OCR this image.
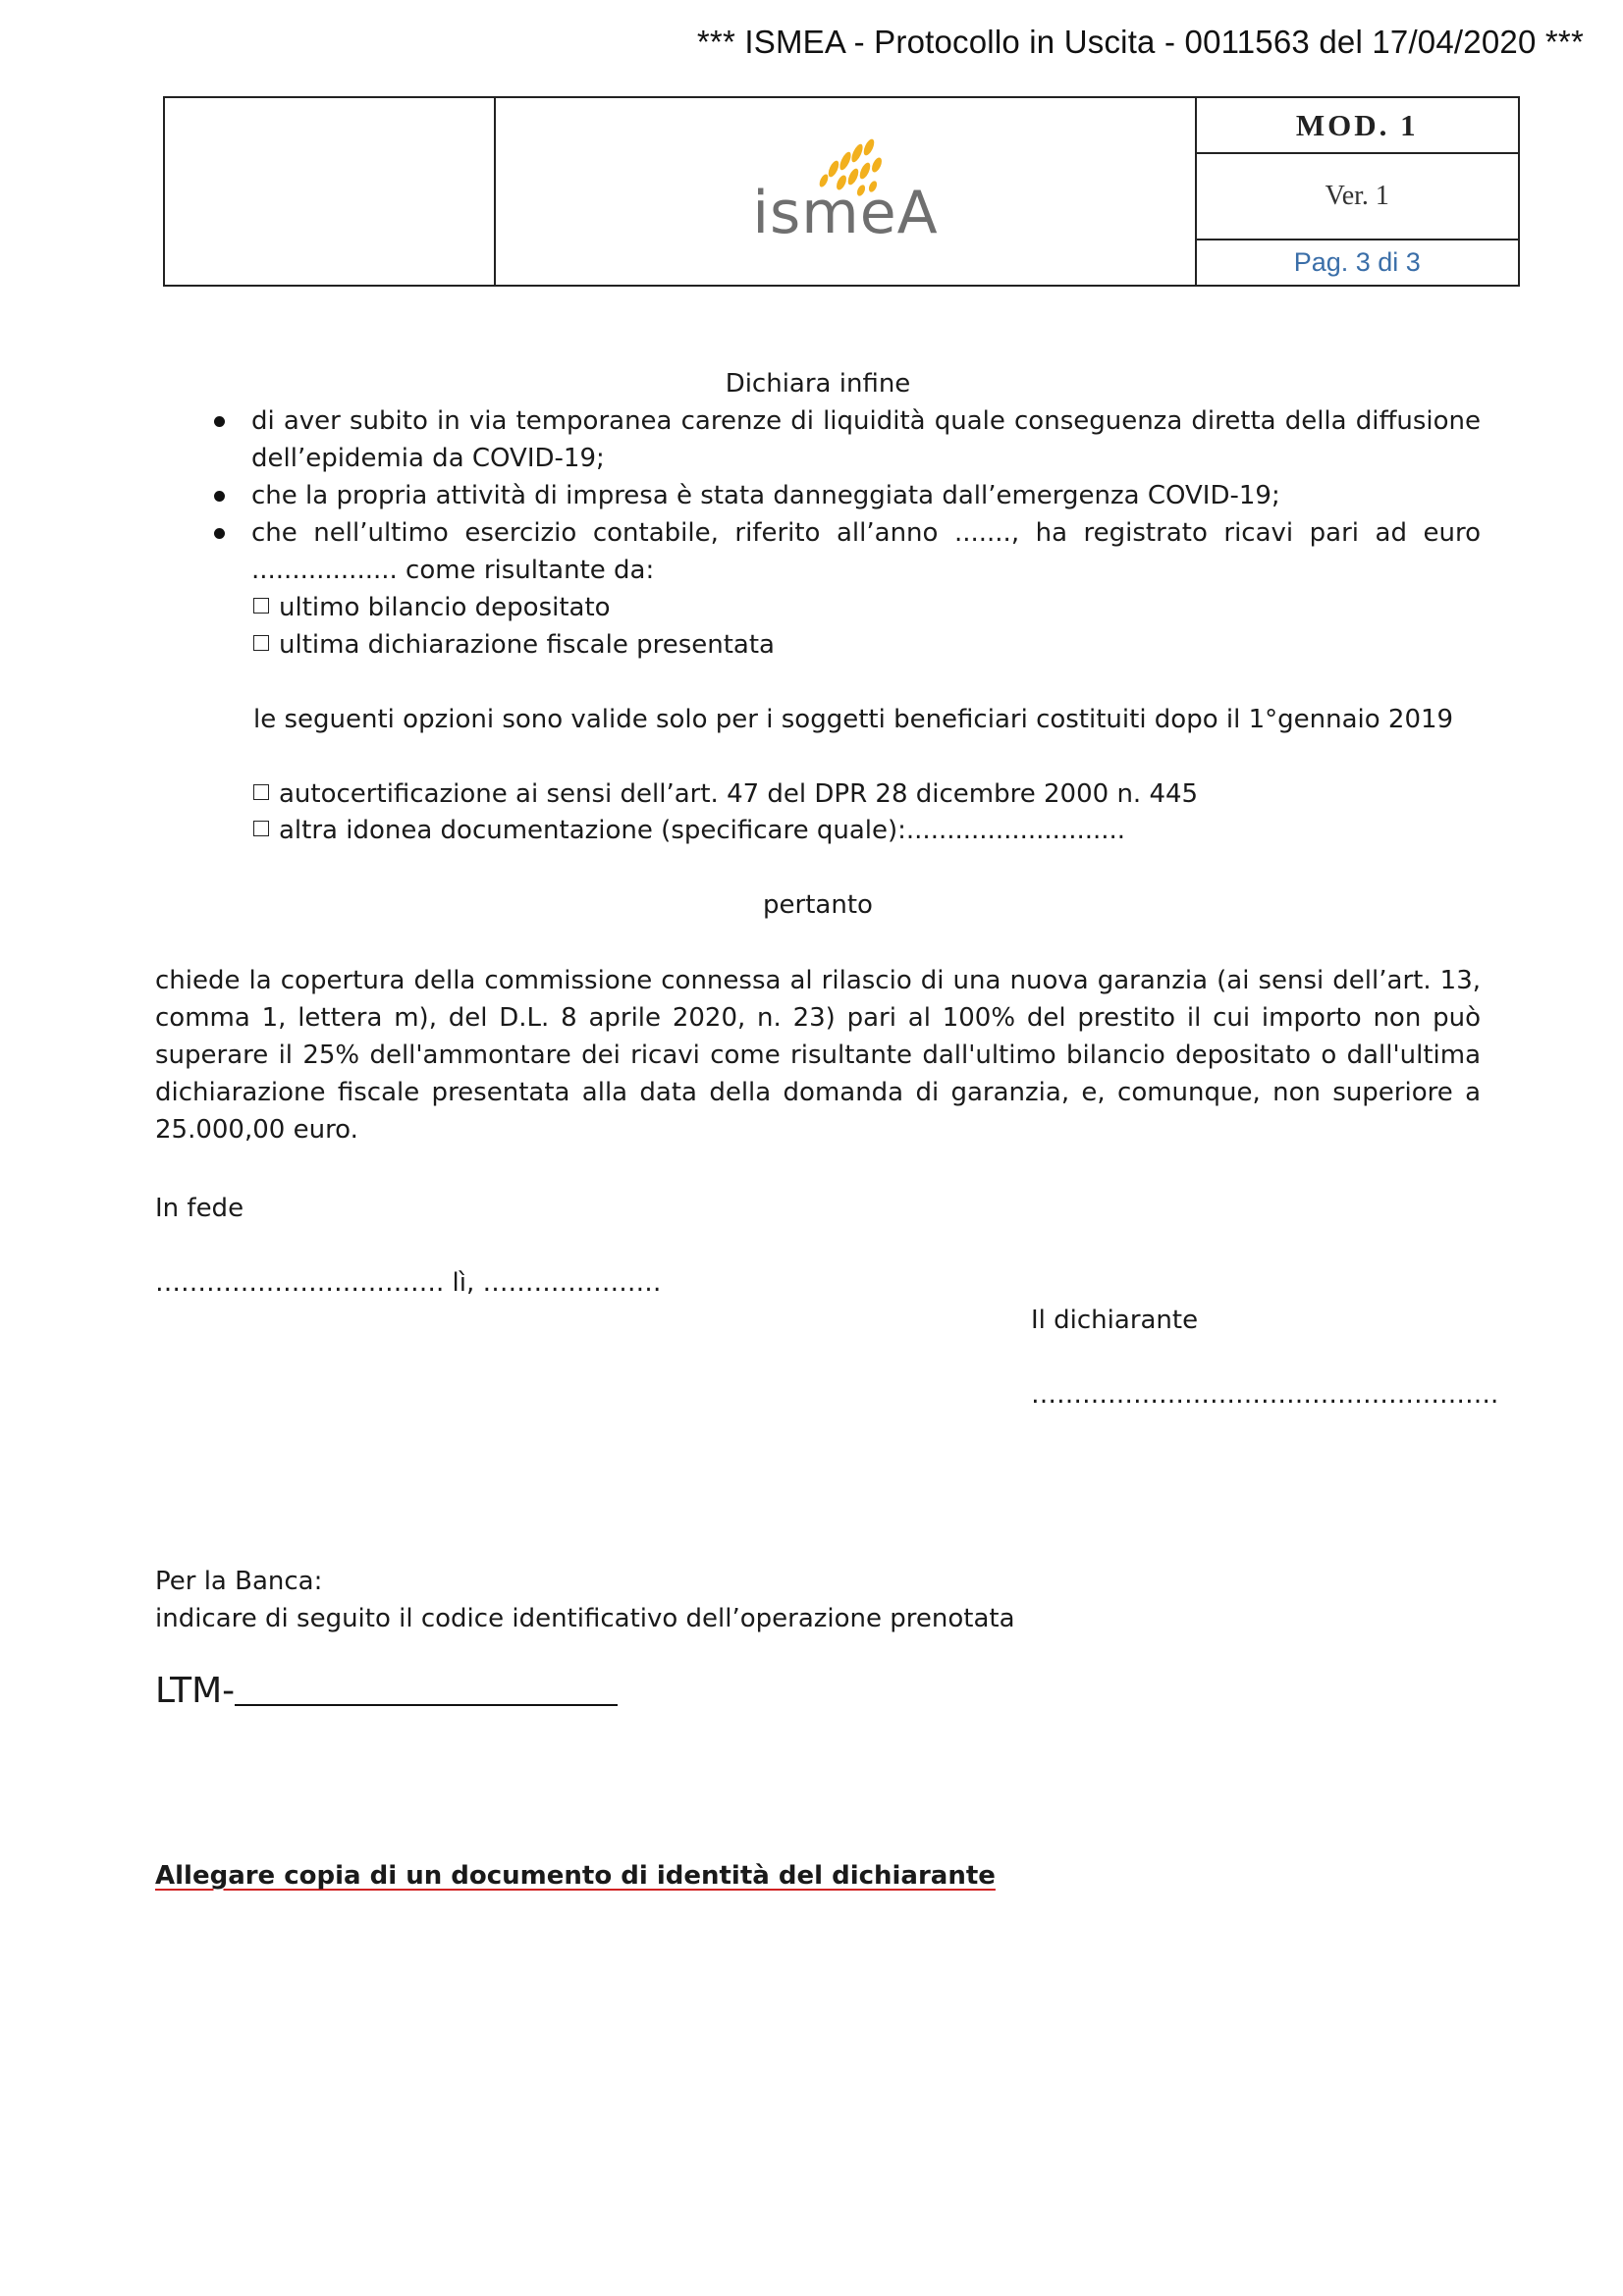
*** ISMEA - Protocollo in Uscita - 0011563 del 17/04/2020 ***

ismeA
	MOD. 1
Ver. 1
Pag. 3 di 3
Dichiara infine
di aver subito in via temporanea carenze di liquidità quale conseguenza diretta della diffusione dell’epidemia da COVID-19;
che la propria attività di impresa è stata danneggiata dall’emergenza COVID-19;
che nell’ultimo esercizio contabile, riferito all’anno ......., ha registrato ricavi pari ad euro .................. come risultante da:
ultimo bilancio depositato
ultima dichiarazione fiscale presentata
le seguenti opzioni sono valide solo per i soggetti beneficiari costituiti dopo il 1°gennaio 2019
autocertificazione ai sensi dell’art. 47 del DPR 28 dicembre 2000 n. 445
altra idonea documentazione (specificare quale):...........................
pertanto
chiede la copertura della commissione connessa al rilascio di una nuova garanzia (ai sensi dell’art. 13, comma 1, lettera m), del D.L. 8 aprile 2020, n. 23) pari al 100% del prestito il cui importo non può superare il 25% dell'ammontare dei ricavi come risultante dall'ultimo bilancio depositato o dall'ultima dichiarazione fiscale presentata alla data della domanda di garanzia, e, comunque, non superiore a 25.000,00 euro.
In fede
……………………………. lì, …………………
Il dichiarante
……………………………………………….
Per la Banca:
indicare di seguito il codice identificativo dell’operazione prenotata
LTM-
Allegare copia di un documento di identità del dichiarante
